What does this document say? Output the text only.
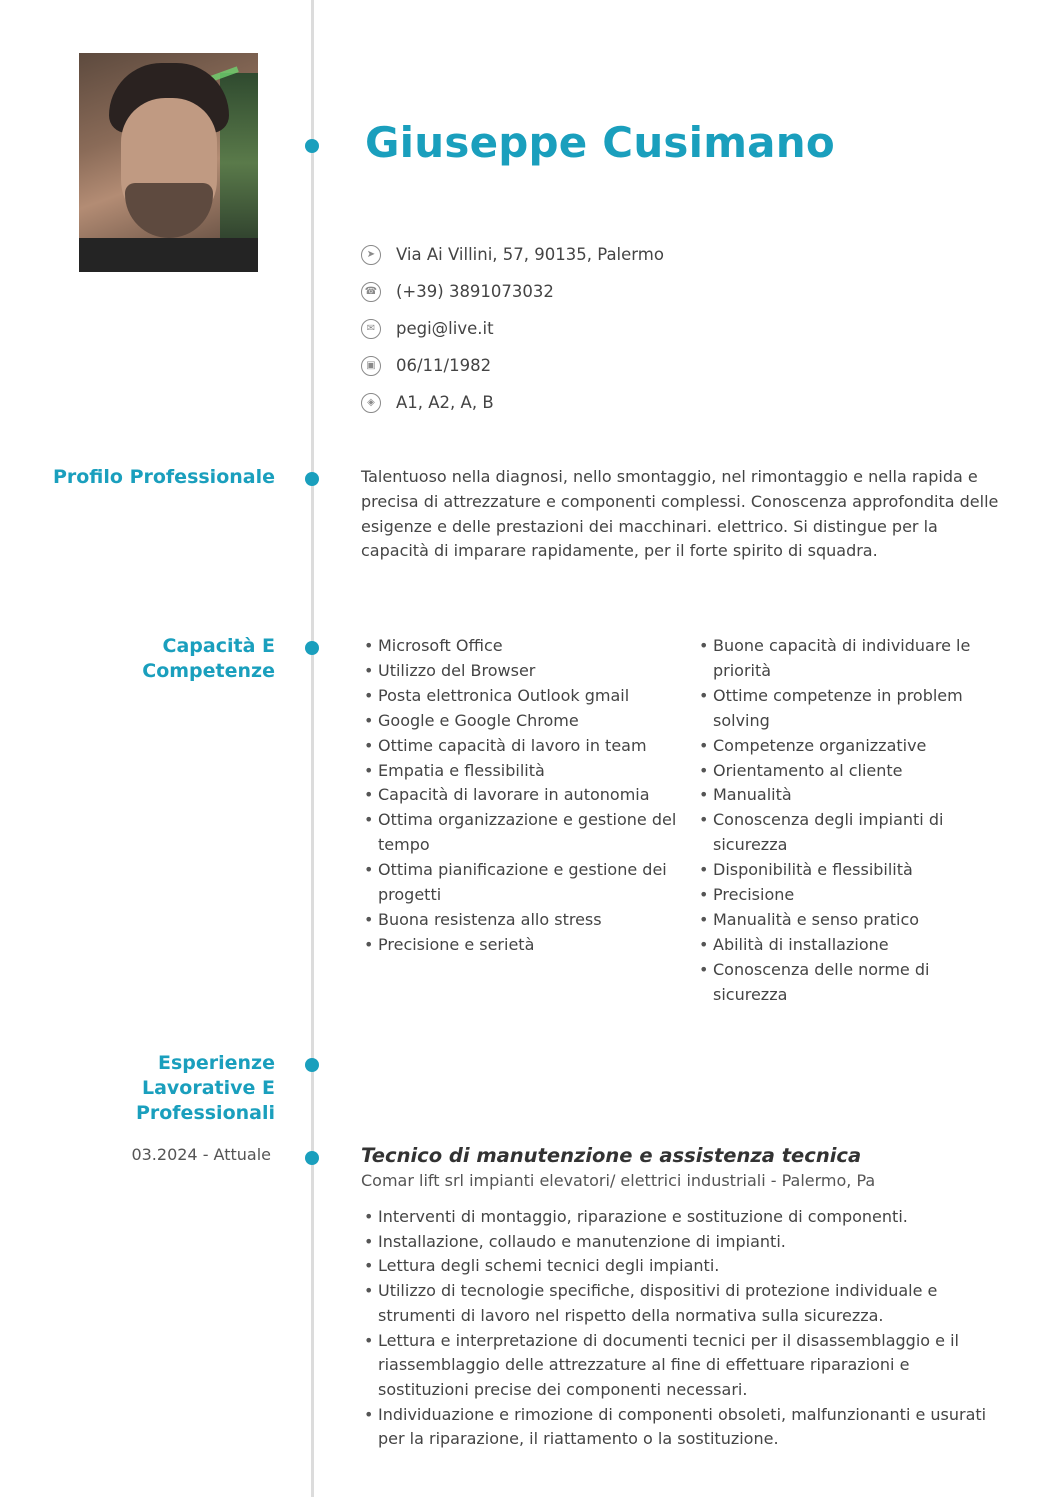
Giuseppe Cusimano
➤	Via Ai Villini, 57, 90135, Palermo
☎ (+39) 3891073032
✉	pegi@live.it
▣	06/11/1982
◈	A1, A2, A, B
Profilo Professionale	Talentuoso nella diagnosi, nello smontaggio, nel rimontaggio e nella rapida e precisa di attrezzature e componenti complessi. Conoscenza approfondita delle esigenze e delle prestazioni dei macchinari. elettrico. Si distingue per la capacità di imparare rapidamente, per il forte spirito di squadra.

Capacità E
Competenze
• Microsoft Office
• Utilizzo del Browser
• Posta elettronica Outlook gmail
• Google e Google Chrome
• Ottime capacità di lavoro in team
• Empatia e flessibilità
• Capacità di lavorare in autonomia
• Ottima organizzazione e gestione del tempo
• Ottima pianificazione e gestione dei progetti
• Buona resistenza allo stress
• Precisione e serietà
• Buone capacità di individuare le priorità
• Ottime competenze in problem solving
• Competenze organizzative
• Orientamento al cliente
• Manualità
• Conoscenza degli impianti di sicurezza
• Disponibilità e flessibilità
• Precisione
• Manualità e senso pratico
• Abilità di installazione
• Conoscenza delle norme di sicurezza
Esperienze
Lavorative E
Professionali

03.2024 - Attuale	Tecnico di manutenzione e assistenza tecnica

Comar lift srl impianti elevatori/ elettrici industriali - Palermo, Pa

• Interventi di montaggio, riparazione e sostituzione di componenti.
• Installazione, collaudo e manutenzione di impianti.
• Lettura degli schemi tecnici degli impianti.
• Utilizzo di tecnologie specifiche, dispositivi di protezione individuale e strumenti di lavoro nel rispetto della normativa sulla sicurezza.
• Lettura e interpretazione di documenti tecnici per il disassemblaggio e il riassemblaggio delle attrezzature al fine di effettuare riparazioni e sostituzioni precise dei componenti necessari.
• Individuazione e rimozione di componenti obsoleti, malfunzionanti e usurati per la riparazione, il riattamento o la sostituzione.
